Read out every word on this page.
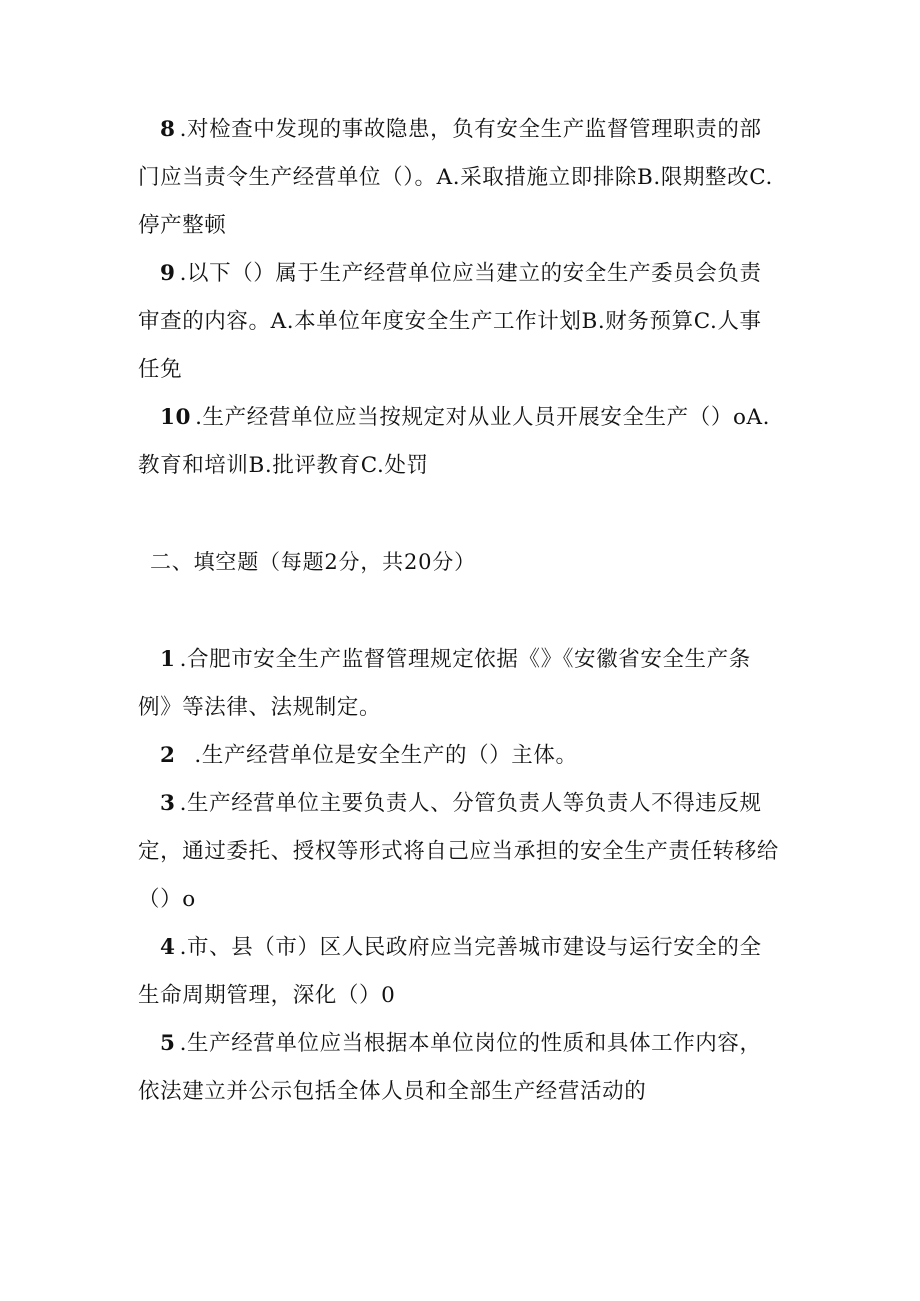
8 .对检查中发现的事故隐患，负有安全生产监督管理职责的部门应当责令生产经营单位（）。A.采取措施立即排除B.限期整改C.停产整顿

9 .以下（）属于生产经营单位应当建立的安全生产委员会负责审查的内容。A.本单位年度安全生产工作计划B.财务预算C.人事任免

10 .生产经营单位应当按规定对从业人员开展安全生产（）oA.教育和培训B.批评教育C.处罚

二、填空题（每题2分，共20分）

1 .合肥市安全生产监督管理规定依据《》《安徽省安全生产条例》等法律、法规制定。

2  .生产经营单位是安全生产的（）主体。

3 .生产经营单位主要负责人、分管负责人等负责人不得违反规定，通过委托、授权等形式将自己应当承担的安全生产责任转移给（）o

4 .市、县（市）区人民政府应当完善城市建设与运行安全的全生命周期管理，深化（）0

5 .生产经营单位应当根据本单位岗位的性质和具体工作内容，依法建立并公示包括全体人员和全部生产经营活动的
